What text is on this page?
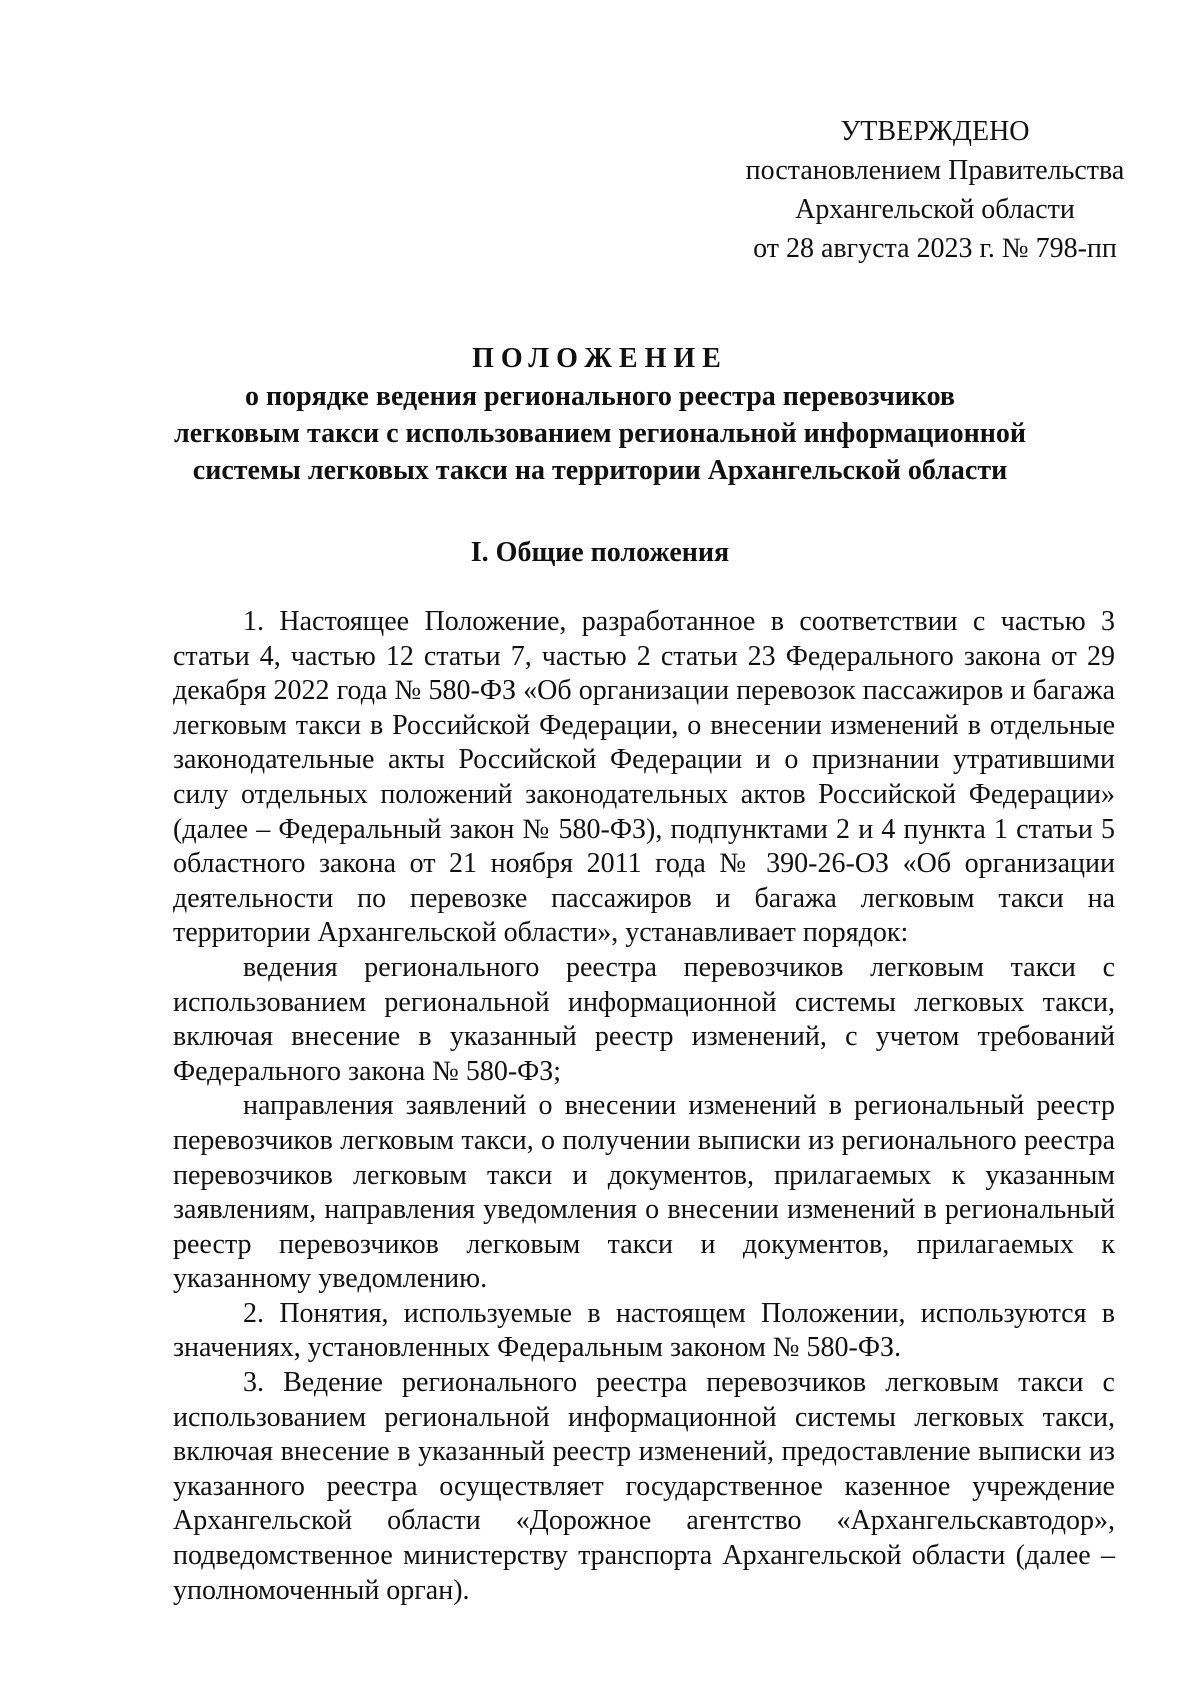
УТВЕРЖДЕНО
постановлением Правительства
Архангельской области
от 28 августа 2023 г. № 798-пп
ПОЛОЖЕНИЕ
о порядке ведения регионального реестра перевозчиков
легковым такси с использованием региональной информационной
системы легковых такси на территории Архангельской области
I. Общие положения

1. Настоящее Положение, разработанное в соответствии с частью 3 статьи 4, частью 12 статьи 7, частью 2 статьи 23 Федерального закона от 29 декабря 2022 года № 580-ФЗ «Об организации перевозок пассажиров и багажа легковым такси в Российской Федерации, о внесении изменений в отдельные законодательные акты Российской Федерации и о признании утратившими силу отдельных положений законодательных актов Российской Федерации» (далее – Федеральный закон № 580-ФЗ), подпунктами 2 и 4 пункта 1 статьи 5 областного закона от 21 ноября 2011 года № 390-26-ОЗ «Об организации деятельности по перевозке пассажиров и багажа легковым такси на территории Архангельской области», устанавливает порядок:

ведения регионального реестра перевозчиков легковым такси с использованием региональной информационной системы легковых такси, включая внесение в указанный реестр изменений, с учетом требований Федерального закона № 580-ФЗ;

направления заявлений о внесении изменений в региональный реестр перевозчиков легковым такси, о получении выписки из регионального реестра перевозчиков легковым такси и документов, прилагаемых к указанным заявлениям, направления уведомления о внесении изменений в региональный реестр перевозчиков легковым такси и документов, прилагаемых к указанному уведомлению.

2. Понятия, используемые в настоящем Положении, используются в значениях, установленных Федеральным законом № 580-ФЗ.

3. Ведение регионального реестра перевозчиков легковым такси с использованием региональной информационной системы легковых такси, включая внесение в указанный реестр изменений, предоставление выписки из указанного реестра осуществляет государственное казенное учреждение Архангельской области «Дорожное агентство «Архангельскавтодор», подведомственное министерству транспорта Архангельской области (далее – уполномоченный орган).
